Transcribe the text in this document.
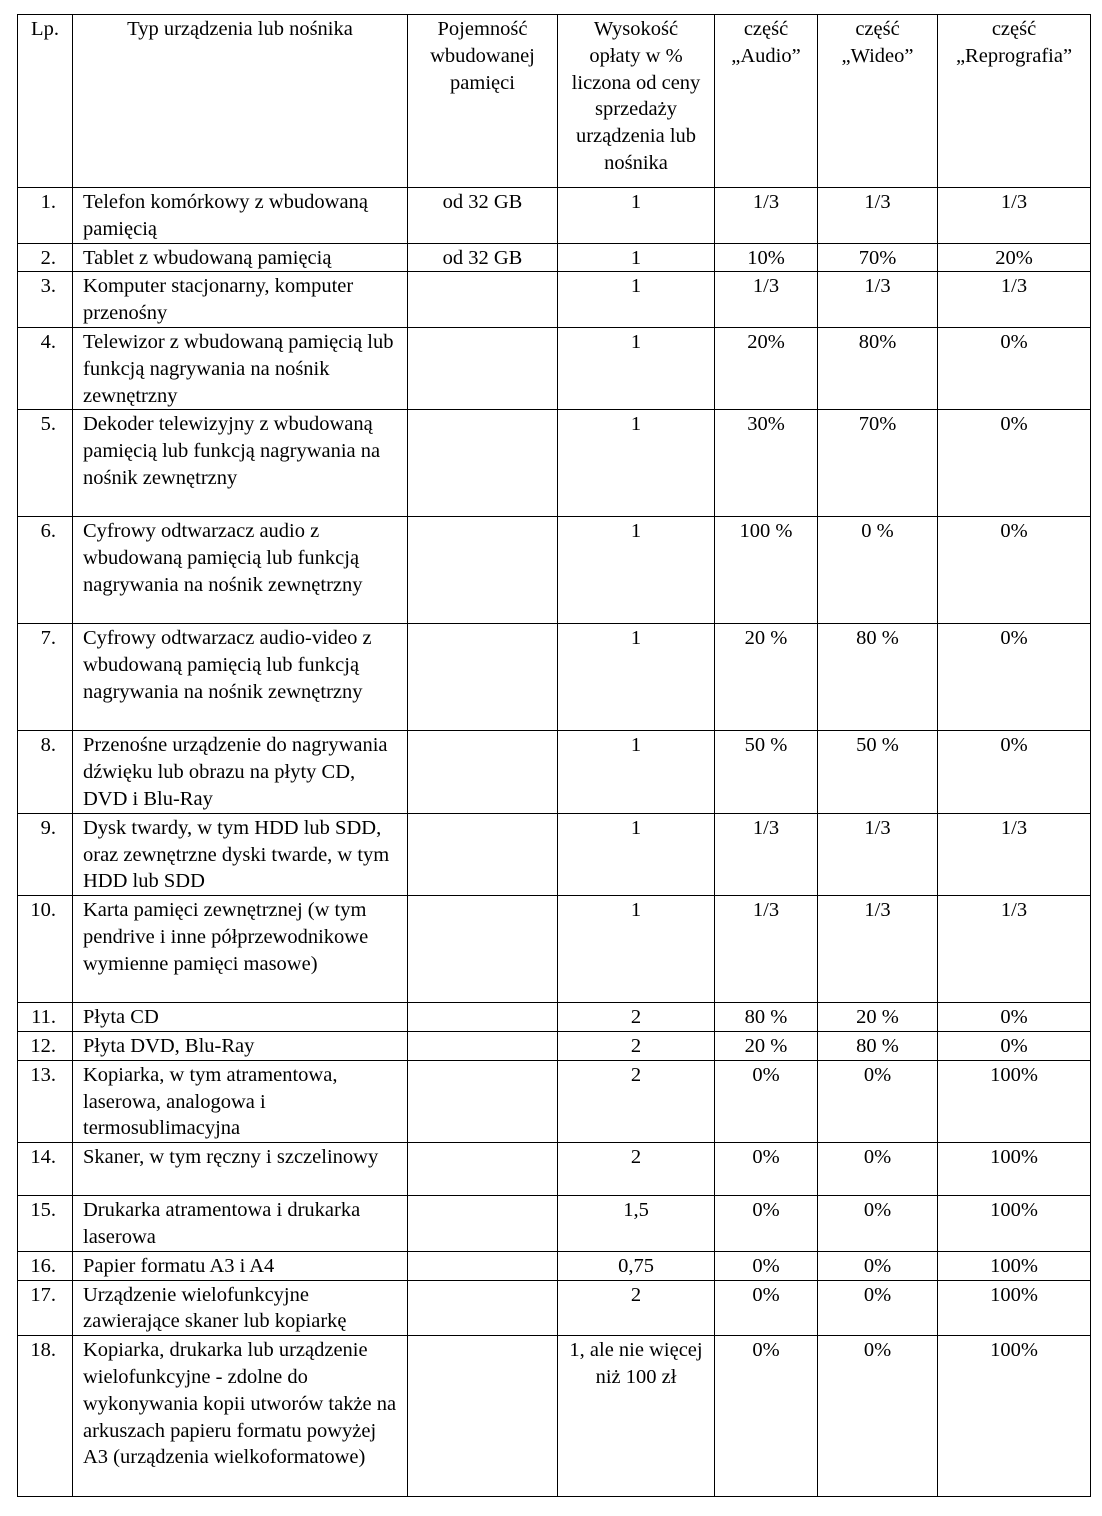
Lp.	Typ urządzenia lub nośnika	Pojemność wbudowanej pamięci	Wysokość opłaty w % liczona od ceny sprzedaży urządzenia lub nośnika	część „Audio”	część „Wideo”	część „Reprografia”
1.	Telefon komórkowy z wbudowaną pamięcią	od 32 GB	1	1/3	1/3	1/3
2.	Tablet z wbudowaną pamięcią	od 32 GB	1	10%	70%	20%
3.	Komputer stacjonarny, komputer przenośny		1	1/3	1/3	1/3
4.	Telewizor z wbudowaną pamięcią lub funkcją nagrywania na nośnik zewnętrzny		1	20%	80%	0%
5.	Dekoder telewizyjny z wbudowaną pamięcią lub funkcją nagrywania na nośnik zewnętrzny		1	30%	70%	0%
6.	Cyfrowy odtwarzacz audio z wbudowaną pamięcią lub funkcją nagrywania na nośnik zewnętrzny		1	100 %	0 %	0%
7.	Cyfrowy odtwarzacz audio-video z wbudowaną pamięcią lub funkcją nagrywania na nośnik zewnętrzny		1	20 %	80 %	0%
8.	Przenośne urządzenie do nagrywania dźwięku lub obrazu na płyty CD, DVD i Blu-Ray		1	50 %	50 %	0%
9.	Dysk twardy, w tym HDD lub SDD, oraz zewnętrzne dyski twarde, w tym HDD lub SDD		1	1/3	1/3	1/3
10.	Karta pamięci zewnętrznej (w tym pendrive i inne półprzewodnikowe wymienne pamięci masowe)		1	1/3	1/3	1/3
11.	Płyta CD		2	80 %	20 %	0%
12.	Płyta DVD, Blu-Ray		2	20 %	80 %	0%
13.	Kopiarka, w tym atramentowa, laserowa, analogowa i termosublimacyjna		2	0%	0%	100%
14.	Skaner, w tym ręczny i szczelinowy		2	0%	0%	100%
15.	Drukarka atramentowa i drukarka laserowa		1,5	0%	0%	100%
16.	Papier formatu A3 i A4		0,75	0%	0%	100%
17.	Urządzenie wielofunkcyjne zawierające skaner lub kopiarkę		2	0%	0%	100%
18.	Kopiarka, drukarka lub urządzenie wielofunkcyjne - zdolne do wykonywania kopii utworów także na arkuszach papieru formatu powyżej A3 (urządzenia wielkoformatowe)		1, ale nie więcej niż 100 zł	0%	0%	100%
